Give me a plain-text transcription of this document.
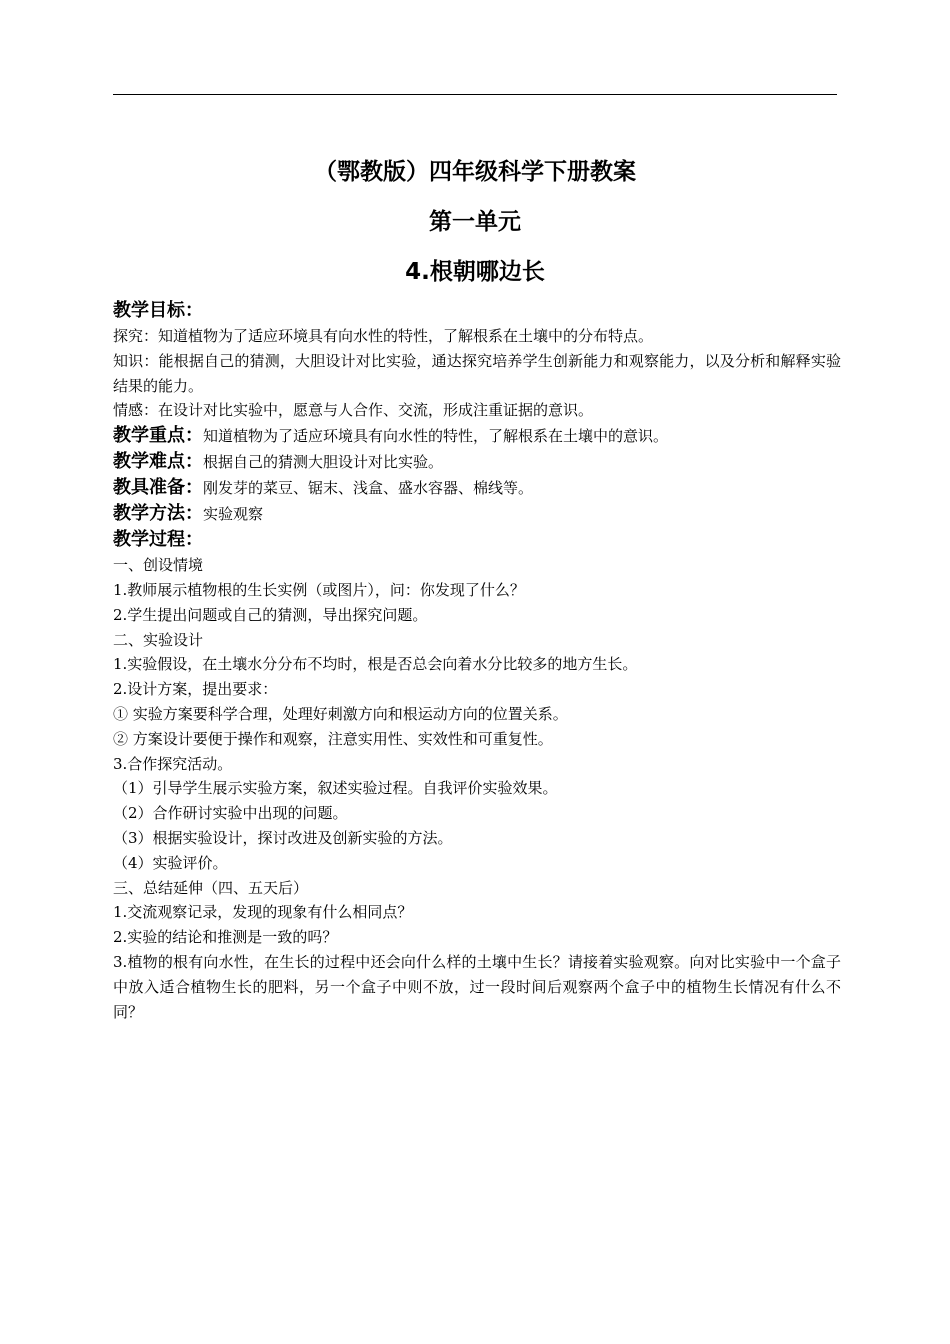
（鄂教版）四年级科学下册教案

第一单元

4.根朝哪边长

教学目标：

探究：知道植物为了适应环境具有向水性的特性，了解根系在土壤中的分布特点。

知识：能根据自己的猜测，大胆设计对比实验，通达探究培养学生创新能力和观察能力，以及分析和解释实验结果的能力。

情感：在设计对比实验中，愿意与人合作、交流，形成注重证据的意识。

教学重点：知道植物为了适应环境具有向水性的特性，了解根系在土壤中的意识。

教学难点：根据自己的猜测大胆设计对比实验。

教具准备：刚发芽的菜豆、锯末、浅盒、盛水容器、棉线等。

教学方法：实验观察

教学过程：

一、创设情境

1.教师展示植物根的生长实例（或图片），问：你发现了什么？

2.学生提出问题或自己的猜测，导出探究问题。

二、实验设计

1.实验假设，在土壤水分分布不均时，根是否总会向着水分比较多的地方生长。

2.设计方案，提出要求：

① 实验方案要科学合理，处理好刺激方向和根运动方向的位置关系。

② 方案设计要便于操作和观察，注意实用性、实效性和可重复性。

3.合作探究活动。

（1）引导学生展示实验方案，叙述实验过程。自我评价实验效果。

（2）合作研讨实验中出现的问题。

（3）根据实验设计，探讨改进及创新实验的方法。

（4）实验评价。

三、总结延伸（四、五天后）

1.交流观察记录，发现的现象有什么相同点？

2.实验的结论和推测是一致的吗？

3.植物的根有向水性，在生长的过程中还会向什么样的土壤中生长？请接着实验观察。向对比实验中一个盒子中放入适合植物生长的肥料，另一个盒子中则不放，过一段时间后观察两个盒子中的植物生长情况有什么不同？
